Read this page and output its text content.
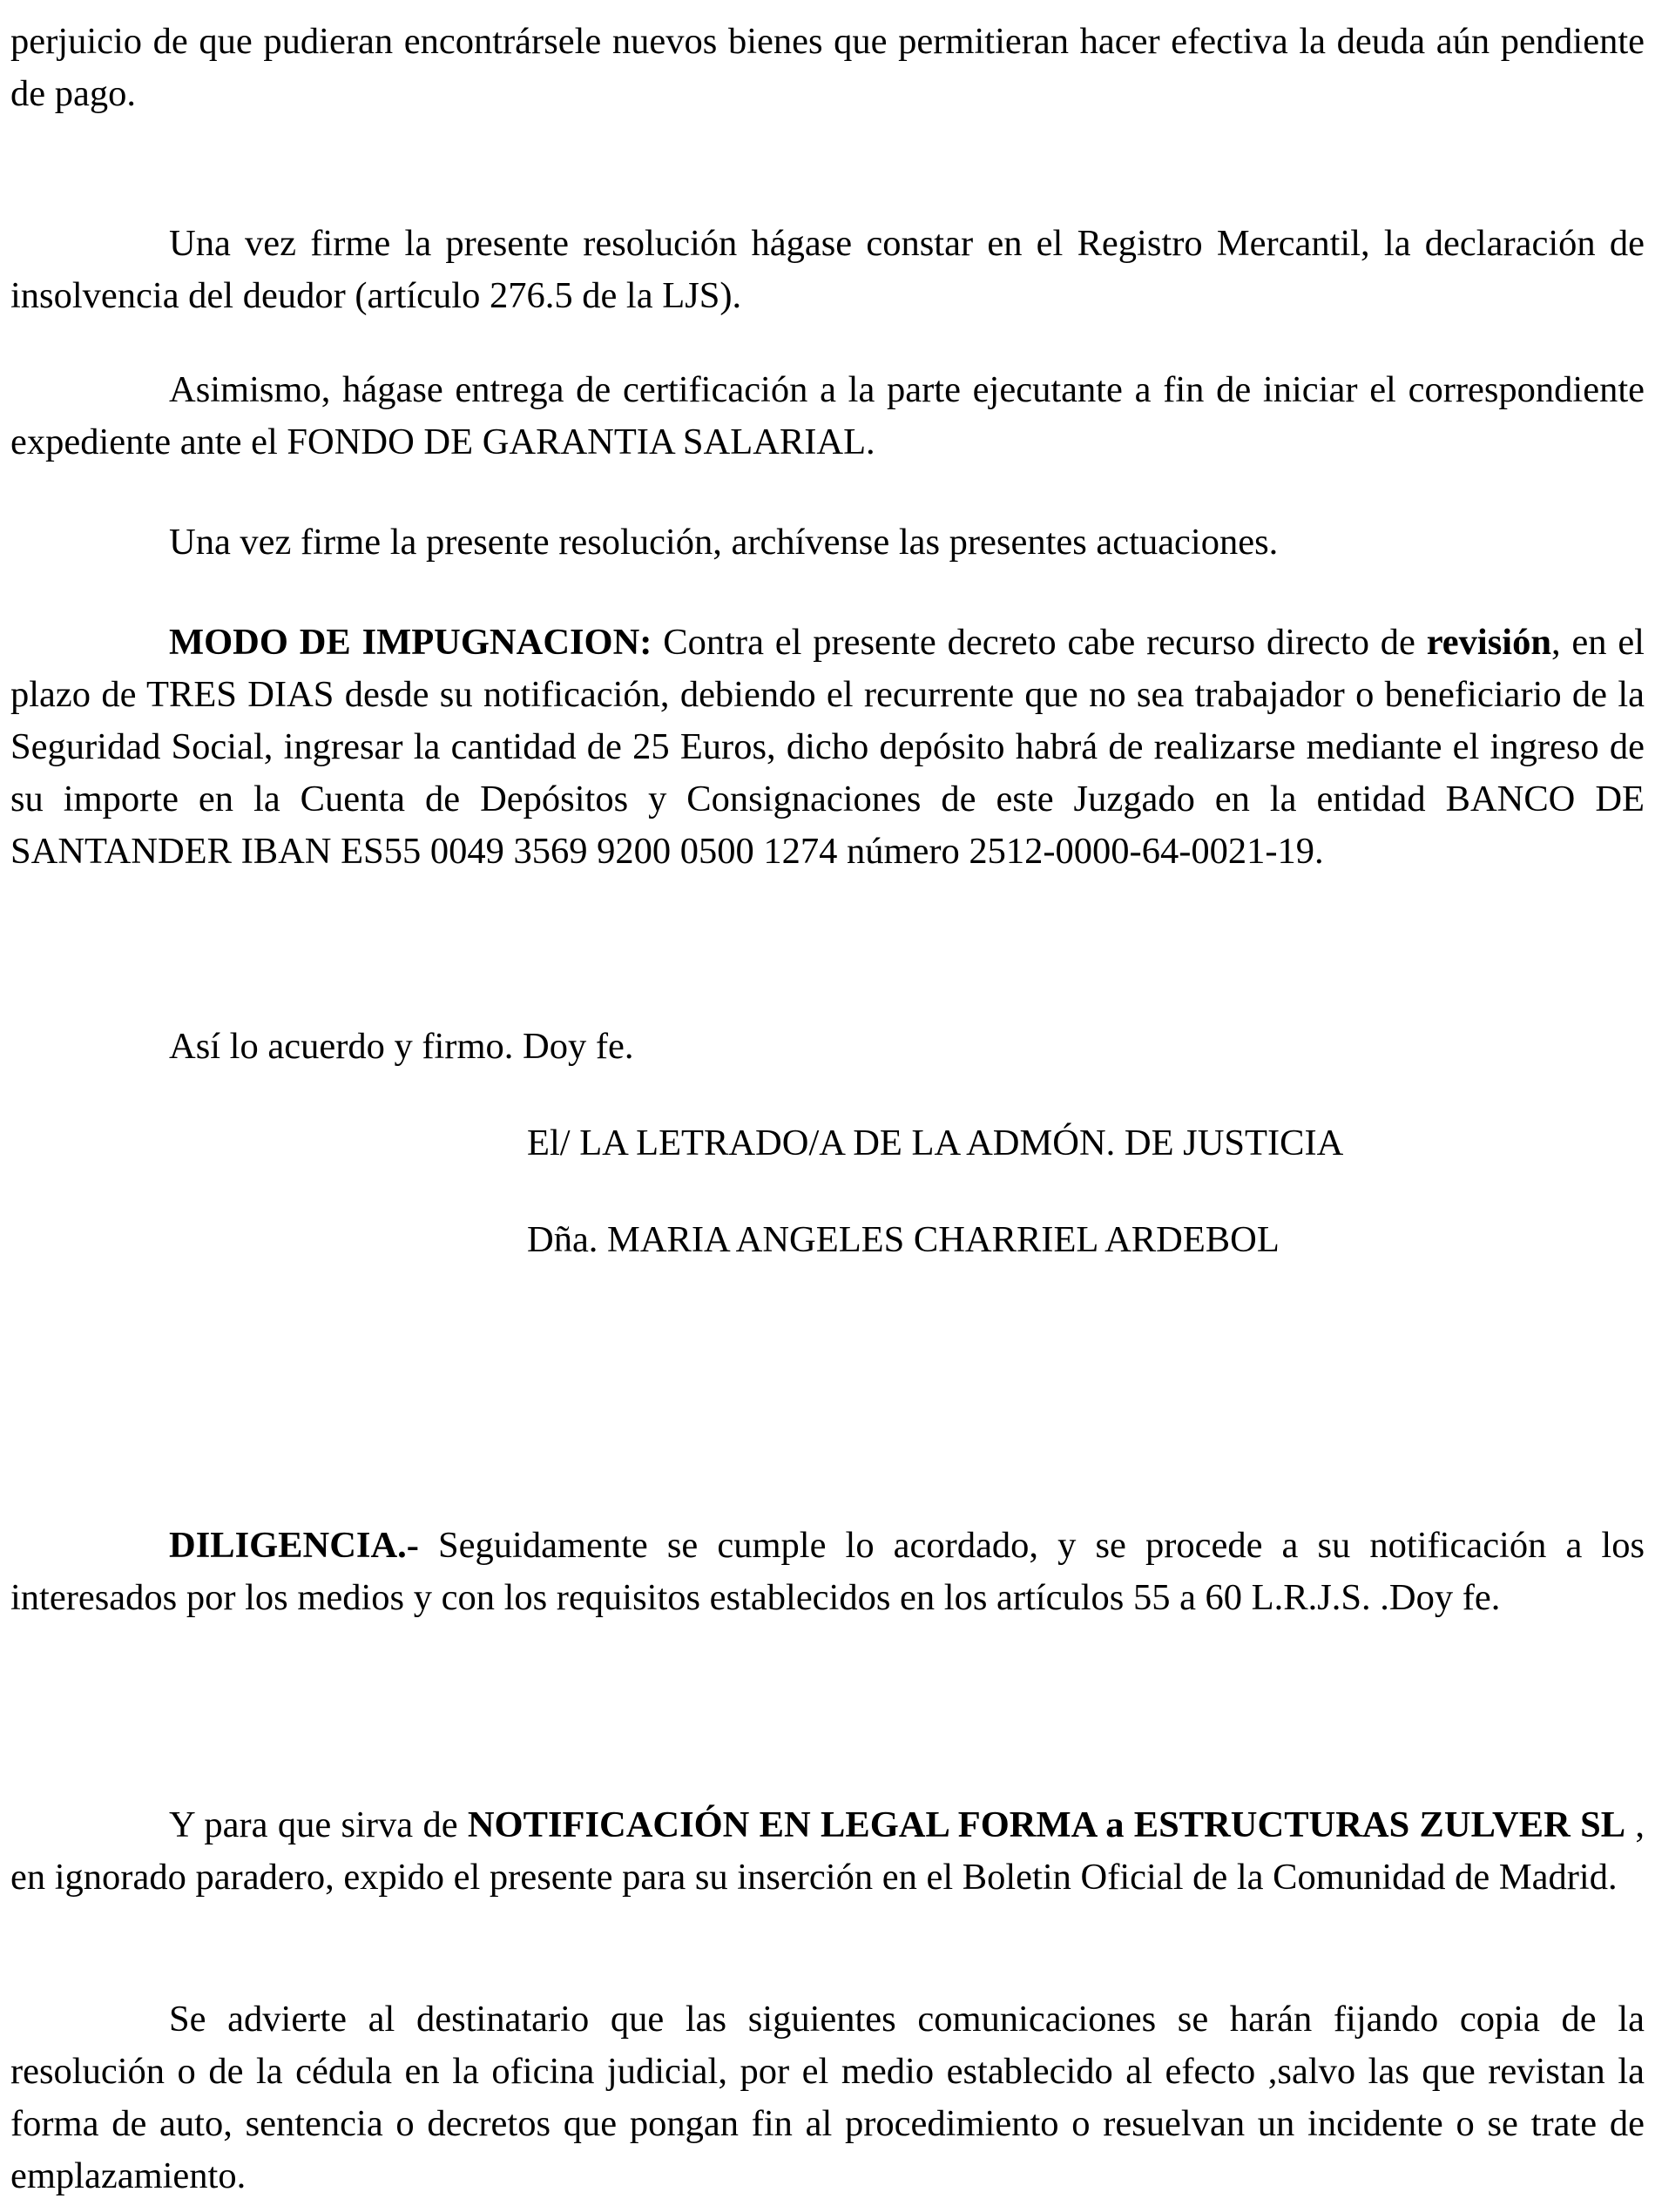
perjuicio de que pudieran encontrársele nuevos bienes que permitieran hacer efectiva la deuda aún pendiente de pago.

Una vez firme la presente resolución hágase constar en el Registro Mercantil, la declaración de insolvencia del deudor (artículo 276.5 de la LJS).

Asimismo, hágase entrega de certificación a la parte ejecutante a fin de iniciar el correspondiente expediente ante el FONDO DE GARANTIA SALARIAL.

Una vez firme la presente resolución, archívense las presentes actuaciones.

MODO DE IMPUGNACION: Contra el presente decreto cabe recurso directo de revisión, en el plazo de TRES DIAS desde su notificación, debiendo el recurrente que no sea trabajador o beneficiario de la Seguridad Social, ingresar la cantidad de 25 Euros, dicho depósito habrá de realizarse mediante el ingreso de su importe en la Cuenta de Depósitos y Consignaciones de este Juzgado en la entidad BANCO DE SANTANDER IBAN ES55 0049 3569 9200 0500 1274 número 2512-0000-64-0021-19.

Así lo acuerdo y firmo. Doy fe.

El/ LA LETRADO/A DE LA ADMÓN. DE JUSTICIA

Dña. MARIA ANGELES CHARRIEL ARDEBOL

DILIGENCIA.- Seguidamente se cumple lo acordado, y se procede a su notificación a los interesados por los medios y con los requisitos establecidos en los artículos 55 a 60 L.R.J.S. .Doy fe.

Y para que sirva de NOTIFICACIÓN EN LEGAL FORMA a ESTRUCTURAS ZULVER SL , en ignorado paradero, expido el presente para su inserción en el Boletin Oficial de la Comunidad de Madrid.

Se advierte al destinatario que las siguientes comunicaciones se harán fijando copia de la resolución o de la cédula en la oficina judicial, por el medio establecido al efecto ,salvo las que revistan la forma de auto, sentencia o decretos que pongan fin al procedimiento o resuelvan un incidente o se trate de emplazamiento.
